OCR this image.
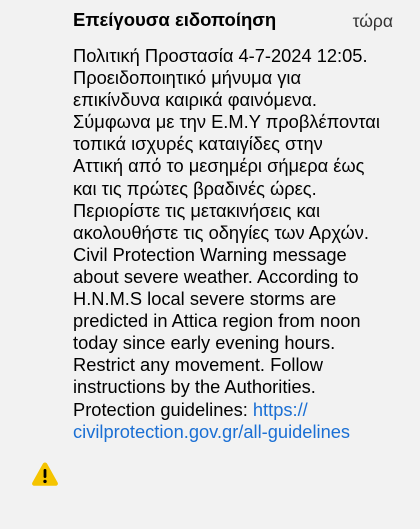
Επείγουσα ειδοποίηση	τώρα
Πολιτική Προστασία 4-7-2024 12:05.
Προειδοποιητικό μήνυμα για
επικίνδυνα καιρικά φαινόμενα.
Σύμφωνα με την Ε.Μ.Υ προβλέπονται
τοπικά ισχυρές καταιγίδες στην
Αττική από το μεσημέρι σήμερα έως
και τις πρώτες βραδινές ώρες.
Περιορίστε τις μετακινήσεις και
ακολουθήστε τις οδηγίες των Αρχών.
Civil Protection Warning message
about severe weather. According to
H.N.M.S local severe storms are
predicted in Attica region from noon
today since early evening hours.
Restrict any movement. Follow
instructions by the Authorities.
Protection guidelines: https://
civilprotection.gov.gr/all-guidelines
